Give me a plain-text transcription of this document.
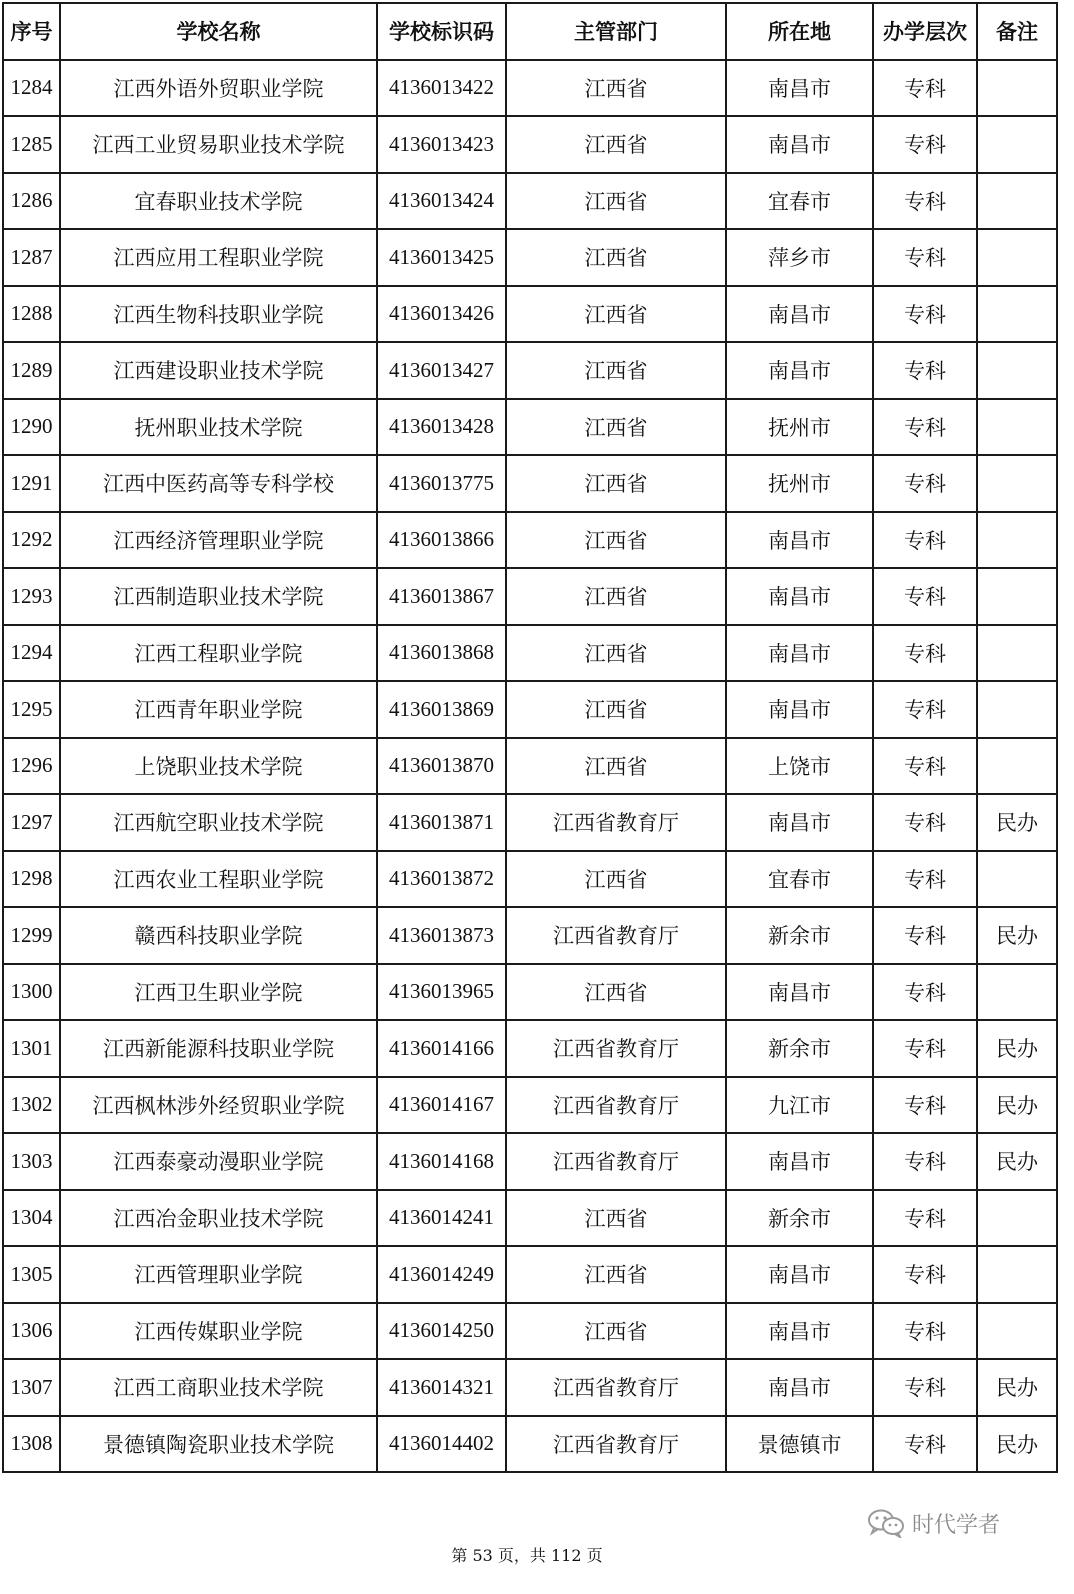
序号	学校名称	学校标识码	主管部门	所在地	办学层次	备注
1284	江西外语外贸职业学院	4136013422	江西省	南昌市	专科	
1285	江西工业贸易职业技术学院	4136013423	江西省	南昌市	专科	
1286	宜春职业技术学院	4136013424	江西省	宜春市	专科	
1287	江西应用工程职业学院	4136013425	江西省	萍乡市	专科	
1288	江西生物科技职业学院	4136013426	江西省	南昌市	专科	
1289	江西建设职业技术学院	4136013427	江西省	南昌市	专科	
1290	抚州职业技术学院	4136013428	江西省	抚州市	专科	
1291	江西中医药高等专科学校	4136013775	江西省	抚州市	专科	
1292	江西经济管理职业学院	4136013866	江西省	南昌市	专科	
1293	江西制造职业技术学院	4136013867	江西省	南昌市	专科	
1294	江西工程职业学院	4136013868	江西省	南昌市	专科	
1295	江西青年职业学院	4136013869	江西省	南昌市	专科	
1296	上饶职业技术学院	4136013870	江西省	上饶市	专科	
1297	江西航空职业技术学院	4136013871	江西省教育厅	南昌市	专科	民办
1298	江西农业工程职业学院	4136013872	江西省	宜春市	专科	
1299	赣西科技职业学院	4136013873	江西省教育厅	新余市	专科	民办
1300	江西卫生职业学院	4136013965	江西省	南昌市	专科	
1301	江西新能源科技职业学院	4136014166	江西省教育厅	新余市	专科	民办
1302	江西枫林涉外经贸职业学院	4136014167	江西省教育厅	九江市	专科	民办
1303	江西泰豪动漫职业学院	4136014168	江西省教育厅	南昌市	专科	民办
1304	江西冶金职业技术学院	4136014241	江西省	新余市	专科	
1305	江西管理职业学院	4136014249	江西省	南昌市	专科	
1306	江西传媒职业学院	4136014250	江西省	南昌市	专科	
1307	江西工商职业技术学院	4136014321	江西省教育厅	南昌市	专科	民办
1308	景德镇陶瓷职业技术学院	4136014402	江西省教育厅	景德镇市	专科	民办
时代学者
第 53 页，共 112 页
